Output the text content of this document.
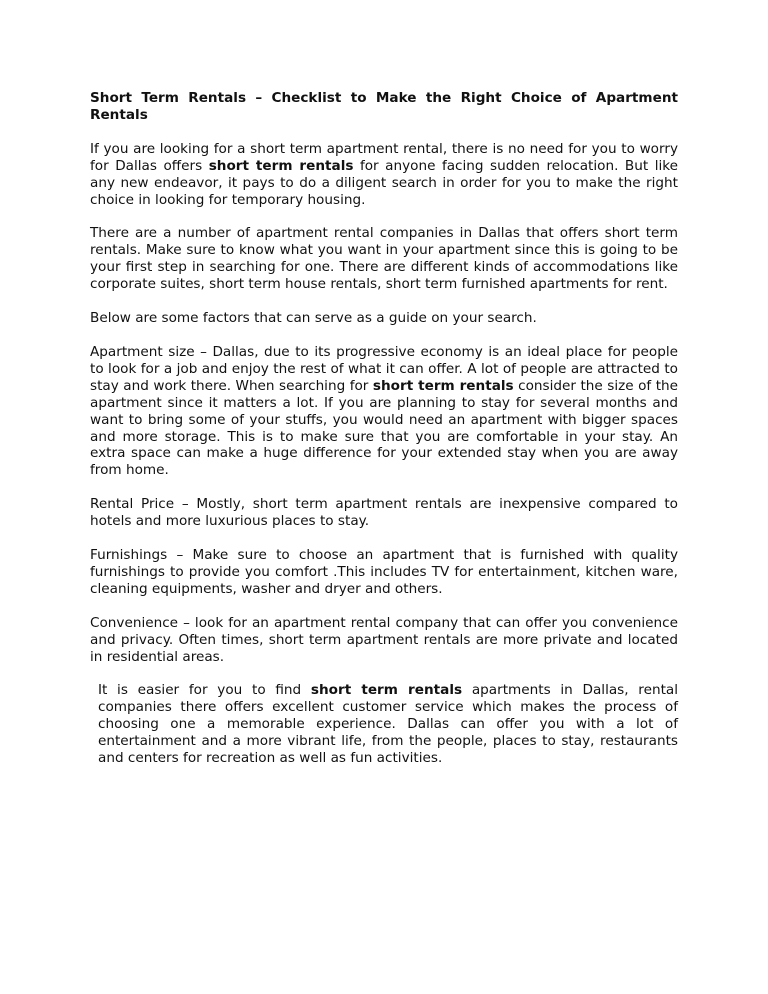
Short Term Rentals – Checklist to Make the Right Choice of Apartment Rentals
If you are looking for a short term apartment rental, there is no need for you to worry for Dallas offers short term rentals for anyone facing sudden relocation. But like any new endeavor, it pays to do a diligent search in order for you to make the right choice in looking for temporary housing.
There are a number of apartment rental companies in Dallas that offers short term rentals. Make sure to know what you want in your apartment since this is going to be your first step in searching for one. There are different kinds of accommodations like corporate suites, short term house rentals, short term furnished apartments for rent.
Below are some factors that can serve as a guide on your search.
Apartment size – Dallas, due to its progressive economy is an ideal place for people to look for a job and enjoy the rest of what it can offer. A lot of people are attracted to stay and work there. When searching for short term rentals consider the size of the apartment since it matters a lot. If you are planning to stay for several months and want to bring some of your stuffs, you would need an apartment with bigger spaces and more storage. This is to make sure that you are comfortable in your stay. An extra space can make a huge difference for your extended stay when you are away from home.
Rental Price – Mostly, short term apartment rentals are inexpensive compared to hotels and more luxurious places to stay.
Furnishings – Make sure to choose an apartment that is furnished with quality furnishings to provide you comfort .This includes TV for entertainment, kitchen ware, cleaning equipments, washer and dryer and others.
Convenience – look for an apartment rental company that can offer you convenience and privacy. Often times, short term apartment rentals are more private and located in residential areas.
It is easier for you to find short term rentals apartments in Dallas, rental companies there offers excellent customer service which makes the process of choosing one a memorable experience. Dallas can offer you with a lot of entertainment and a more vibrant life, from the people, places to stay, restaurants and centers for recreation as well as fun activities.
